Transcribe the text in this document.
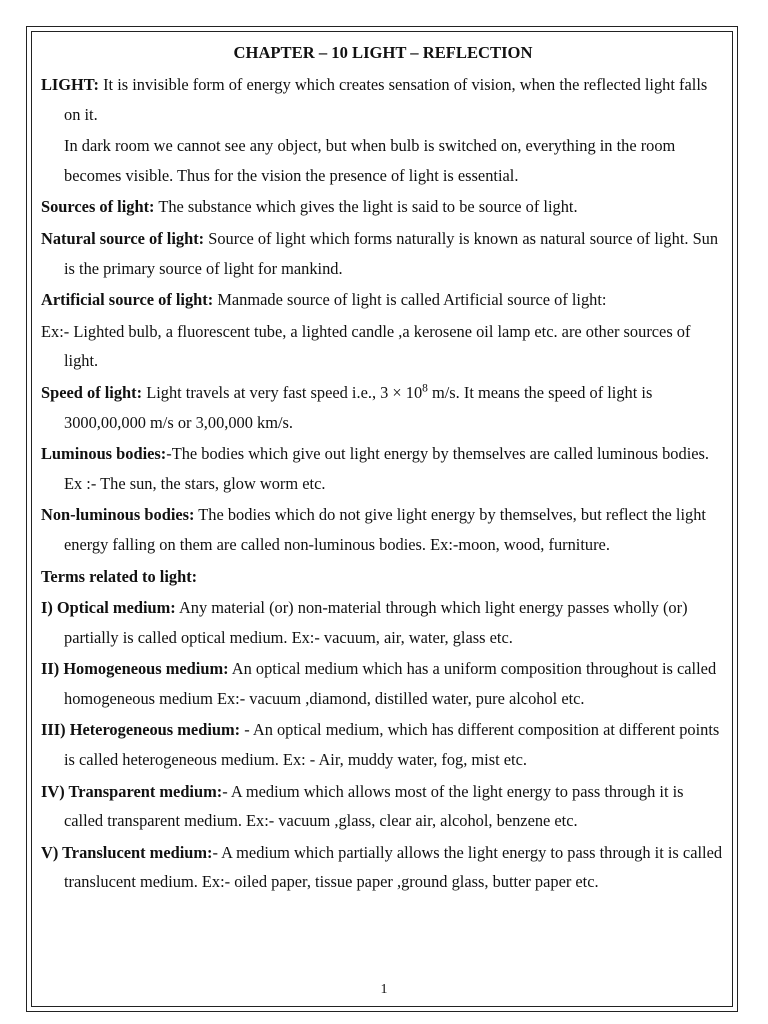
CHAPTER – 10 LIGHT – REFLECTION

LIGHT: It is invisible form of energy which creates sensation of vision, when the reflected light falls on it.

In dark room we cannot see any object, but when bulb is switched on, everything in the room becomes visible. Thus for the vision the presence of light is essential.

Sources of light: The substance which gives the light is said to be source of light.

Natural source of light: Source of light which forms naturally is known as natural source of light. Sun is the primary source of light for mankind.

Artificial source of light: Manmade source of light is called Artificial source of light:

Ex:- Lighted bulb, a fluorescent tube, a lighted candle ,a kerosene oil lamp etc. are other sources of light.

Speed of light: Light travels at very fast speed i.e., $3 \times 10^8$ m/s. It means the speed of light is 3000,00,000 m/s or 3,00,000 km/s.

Luminous bodies:-The bodies which give out light energy by themselves are called luminous bodies. Ex :- The sun, the stars, glow worm etc.

Non-luminous bodies: The bodies which do not give light energy by themselves, but reflect the light energy falling on them are called non-luminous bodies. Ex:-moon, wood, furniture.

Terms related to light:

I) Optical medium: Any material (or) non-material through which light energy passes wholly (or) partially is called optical medium. Ex:- vacuum, air, water, glass etc.

II) Homogeneous medium: An optical medium which has a uniform composition throughout is called homogeneous medium Ex:- vacuum ,diamond, distilled water, pure alcohol etc.

III) Heterogeneous medium: - An optical medium, which has different composition at different points is called heterogeneous medium. Ex: - Air, muddy water, fog, mist etc.

IV) Transparent medium:- A medium which allows most of the light energy to pass through it is called transparent medium. Ex:- vacuum ,glass, clear air, alcohol, benzene etc.

V) Translucent medium:- A medium which partially allows the light energy to pass through it is called translucent medium. Ex:- oiled paper, tissue paper ,ground glass, butter paper etc.

1
